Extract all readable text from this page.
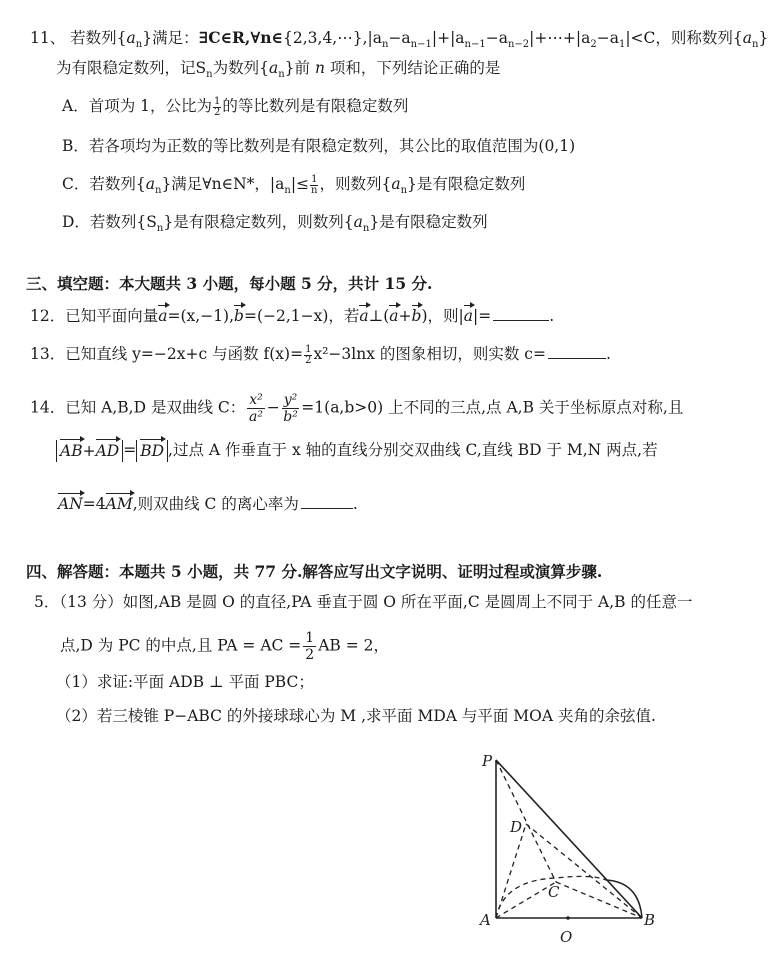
11、 若数列$\{a_n\}$满足：$\exists C\in R,\forall n\in\{2,3,4,\cdots\},|a_n-a_{n-1}|+|a_{n-1}-a_{n-2}|+\cdots+|a_2-a_1|<C$，则称数列$\{a_n\}$
为有限稳定数列，记$S_n$为数列$\{a_n\}$前 n 项和，下列结论正确的是
A．首项为 1，公比为 $\frac{1}{2}$ 的等比数列是有限稳定数列
B．若各项均为正数的等比数列是有限稳定数列，其公比的取值范围为(0,1)
C．若数列$\{a_n\}$满足∀n∈N*，$|a_n|\le \frac{1}{n}$ ，则数列$\{a_n\}$是有限稳定数列
D．若数列$\{S_n\}$是有限稳定数列，则数列$\{a_n\}$是有限稳定数列
三、填空题：本大题共 3 小题，每小题 5 分，共计 15 分.
12．已知平面向量a=(x,−1),b=(−2,1−x)，若a⊥(a+b)，则|a|=	.
13．已知直线 y=−2x+c 与函数 $f(x)= \frac{1}{2} x^2-3\ln x$ 的图象相切，则实数 c=	.
14．已知 A,B,D 是双曲线 C： $\frac{\text{x²}}{\text{a²}} - \frac{\text{y²}}{\text{b²}} =1(a,b>0)$ 上不同的三点,点 A,B 关于坐标原点对称,且
AB+AD = BD ,过点 A 作垂直于 x 轴的直线分别交双曲线 C,直线 BD 于 M,N 两点,若
AN=4AM,则双曲线 C 的离心率为	.
四、解答题：本题共 5 小题，共 77 分.解答应写出文字说明、证明过程或演算步骤.
5．（13 分）如图,AB 是圆 O 的直径,PA 垂直于圆 O 所在平面,C 是圆周上不同于 A,B 的任意一
点,D 为 PC 的中点,且 PA = AC = $\frac{1}{2}$ AB = 2，
（1）求证:平面 ADB ⊥ 平面 PBC；
（2）若三棱锥 P−ABC 的外接球球心为 M ,求平面 MDA 与平面 MOA 夹角的余弦值.
P
D
C
A
O
B
